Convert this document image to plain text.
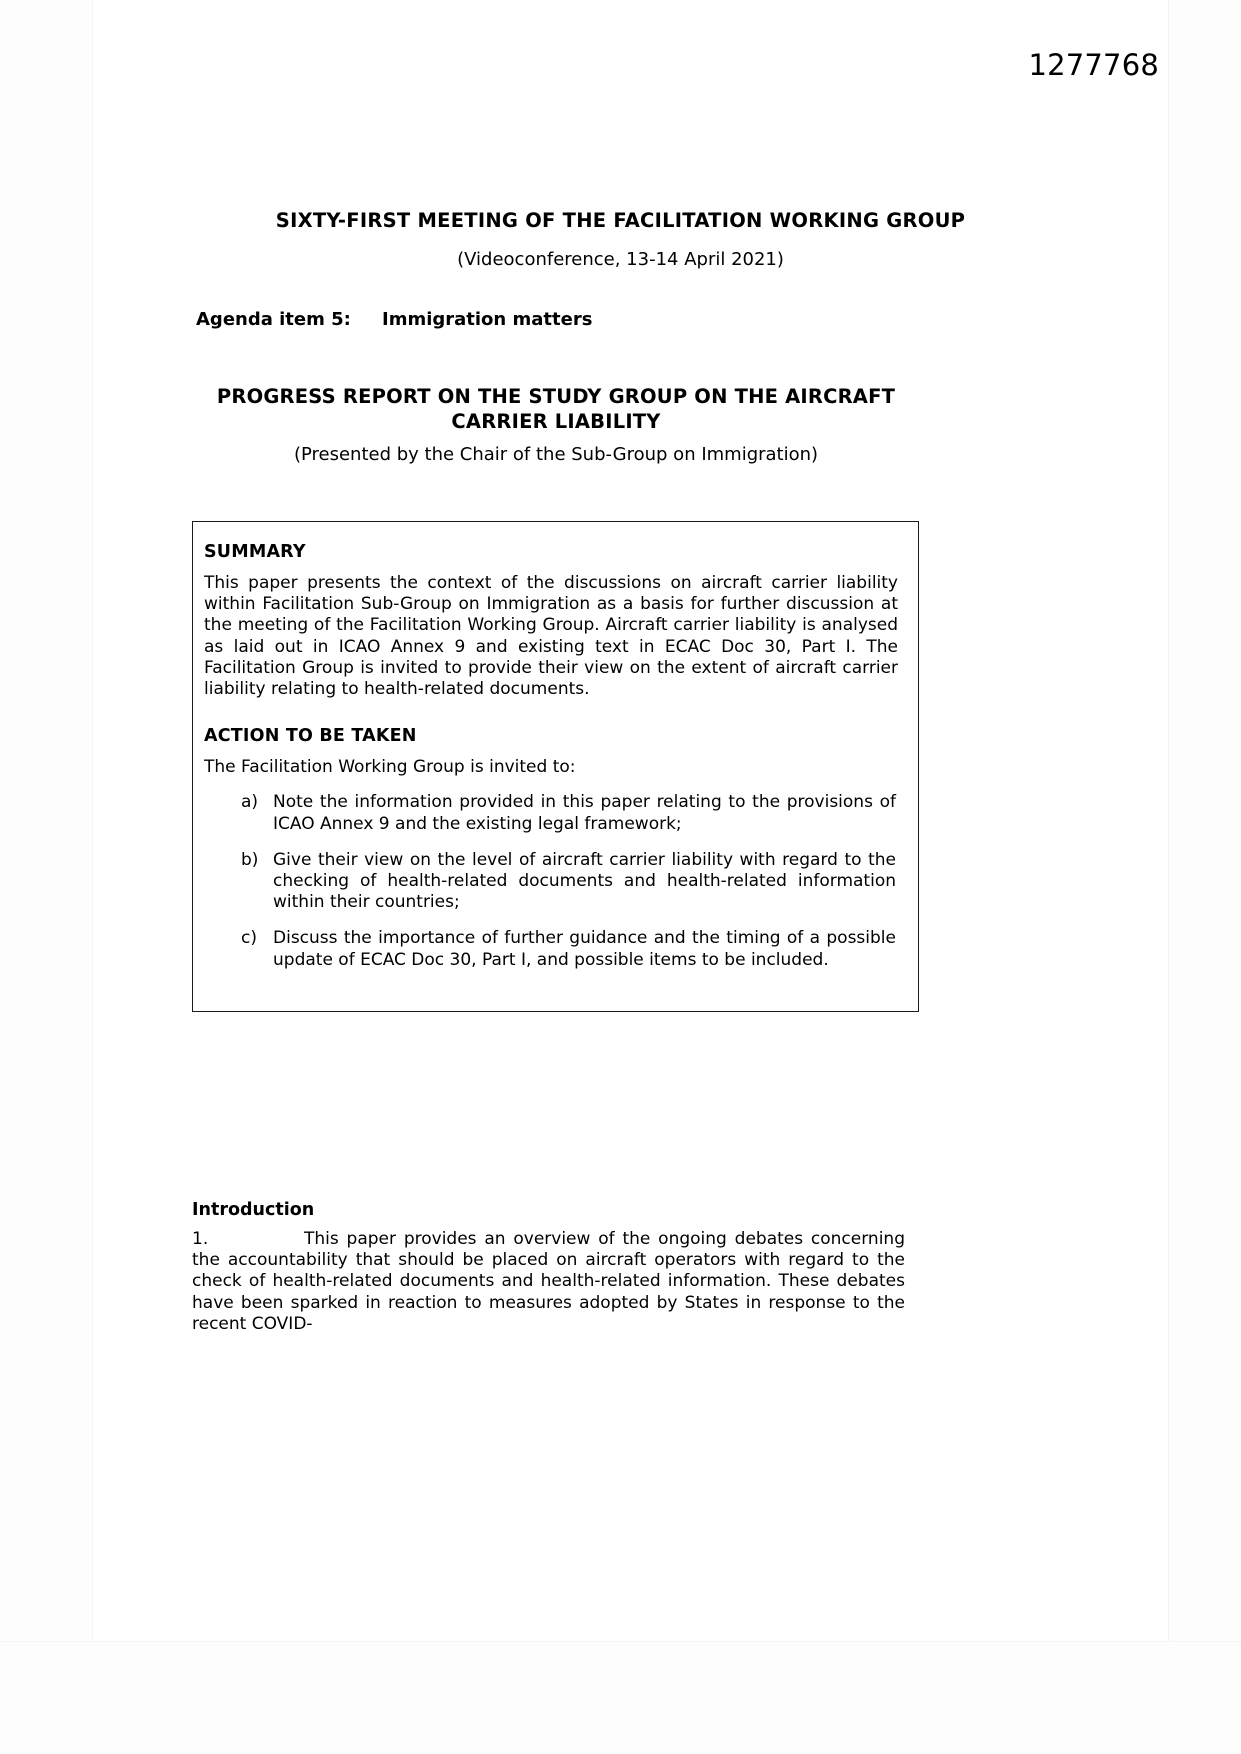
1277768
SIXTY-FIRST MEETING OF THE FACILITATION WORKING GROUP
(Videoconference, 13-14 April 2021)
Agenda item 5: Immigration matters
PROGRESS REPORT ON THE STUDY GROUP ON THE AIRCRAFT CARRIER LIABILITY
(Presented by the Chair of the Sub-Group on Immigration)
SUMMARY

This paper presents the context of the discussions on aircraft carrier liability within Facilitation Sub-Group on Immigration as a basis for further discussion at the meeting of the Facilitation Working Group. Aircraft carrier liability is analysed as laid out in ICAO Annex 9 and existing text in ECAC Doc 30, Part I. The Facilitation Group is invited to provide their view on the extent of aircraft carrier liability relating to health-related documents.

ACTION TO BE TAKEN

The Facilitation Working Group is invited to:

a) Note the information provided in this paper relating to the provisions of ICAO Annex 9 and the existing legal framework;
b) Give their view on the level of aircraft carrier liability with regard to the checking of health-related documents and health-related information within their countries;
c) Discuss the importance of further guidance and the timing of a possible update of ECAC Doc 30, Part I, and possible items to be included.
Introduction
1.	This paper provides an overview of the ongoing debates concerning the accountability that should be placed on aircraft operators with regard to the check of health-related documents and health-related information. These debates have been sparked in reaction to measures adopted by States in response to the recent COVID-
